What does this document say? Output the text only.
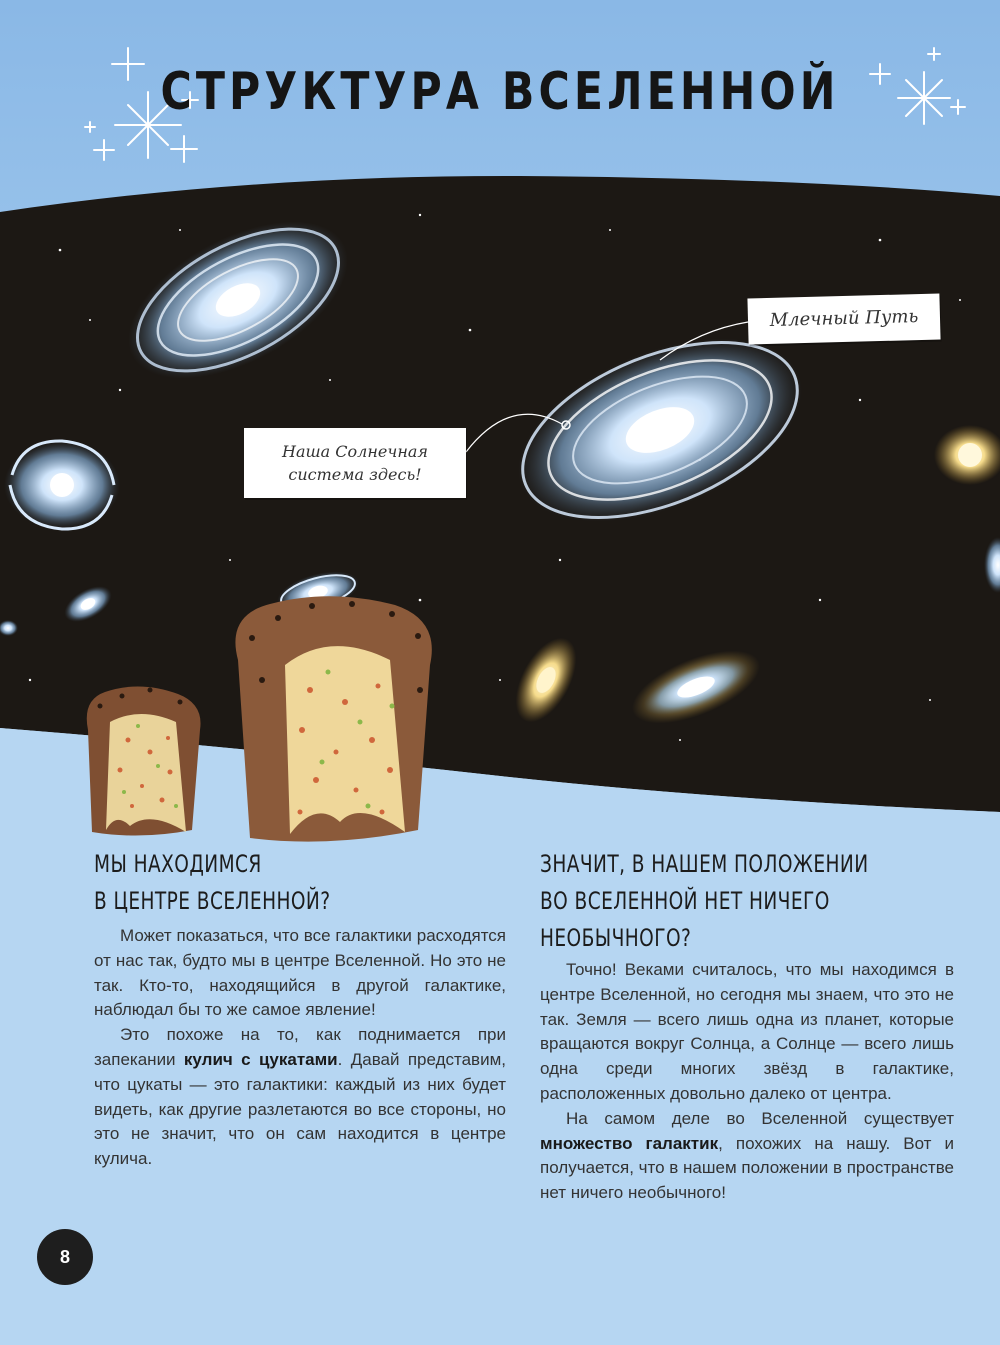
СТРУКТУРА ВСЕЛЕННОЙ
Млечный Путь
Наша Солнечная
система здесь!
МЫ НАХОДИМСЯ
В ЦЕНТРЕ ВСЕЛЕННОЙ?

Может показаться, что все галактики расходятся от нас так, будто мы в центре Вселенной. Но это не так. Кто-то, находящийся в другой галактике, наблюдал бы то же самое явление!

Это похоже на то, как поднимается при запекании кулич с цукатами. Давай представим, что цукаты — это галактики: каждый из них будет видеть, как другие разлетаются во все стороны, но это не значит, что он сам находится в центре кулича.

ЗНАЧИТ, В НАШЕМ ПОЛОЖЕНИИ
ВО ВСЕЛЕННОЙ НЕТ НИЧЕГО
НЕОБЫЧНОГО?

Точно! Веками считалось, что мы находимся в центре Вселенной, но сегодня мы знаем, что это не так. Земля — всего лишь одна из планет, которые вращаются вокруг Солнца, а Солнце — всего лишь одна среди многих звёзд в галактике, расположенных довольно далеко от центра.

На самом деле во Вселенной существует множество галактик, похожих на нашу. Вот и получается, что в нашем положении в пространстве нет ничего необычного!

8
